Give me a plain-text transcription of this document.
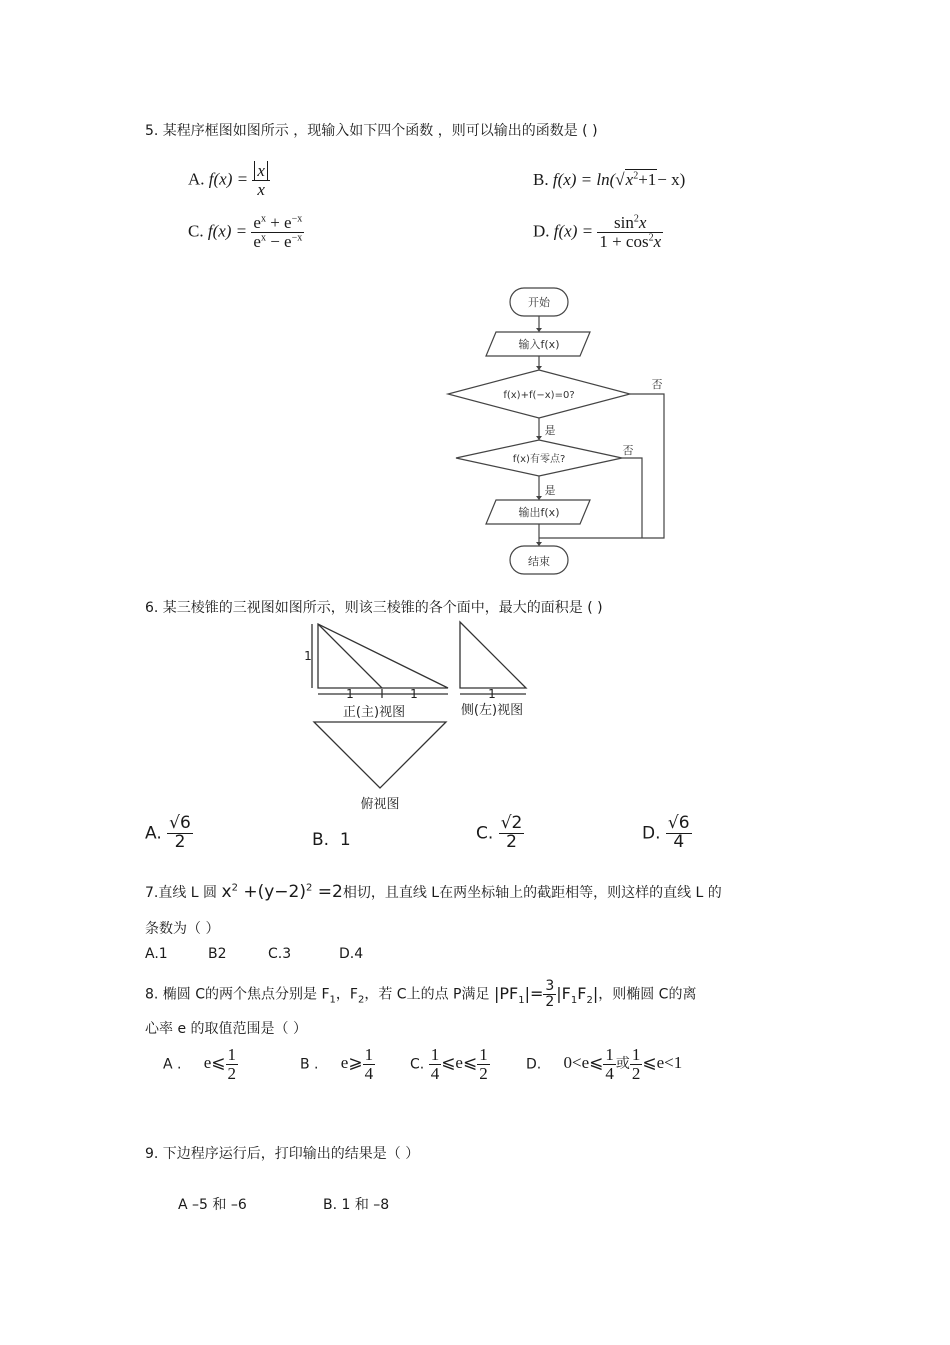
5. 某程序框图如图所示 ，现输入如下四个函数 ，则可以输出的函数是 ( )
A. $f(x) = \frac{x}{x}$	B. $f(x) = \ln(√x^2+1- x)$
C. $f(x) = \frac{e^x + e^{-x}}{e^x - e^{-x}}$	D. $f(x) = \frac{\sin^2x}{1 + \cos^2x}$
开始
输入f(x)
f(x)+f(−x)=0?
f(x)有零点?
输出f(x)
结束
是
是
否
否
6. 某三棱锥的三视图如图所示，则该三棱锥的各个面中，最大的面积是 ( )
1
1	1	1
正(主)视图	侧(左)视图
俯视图
A. $\frac{√6}{2}$	B. 1	C. $\frac{√2}{2}$	D. $\frac{√6}{4}$
7.直线 L 圆 $x^2 +(y-2)^2 =2$相切，且直线 L在两坐标轴上的截距相等，则这样的直线 L 的
条数为（ ）
A.1	B2	C.3	D.4
8. 椭圆 C的两个焦点分别是 $F_1$，$F_2$，若 C上的点 P满足 $|PF_1|= \frac{3}{2} |F_1F_2|$，则椭圆 C的离
心率 e 的取值范围是（ ）
A . e⩽ $\frac{1}{2}$	B . e⩾ $\frac{1}{4} C$. $\frac{1}{4}$ ⩽e⩽ $\frac{1}{2}$	D. 0<e⩽ $\frac{1}{4}$ 或 $\frac{1}{2}$ ⩽e<1
9. 下边程序运行后，打印输出的结果是（ ）
A –5 和 –6	B. 1 和 –8
